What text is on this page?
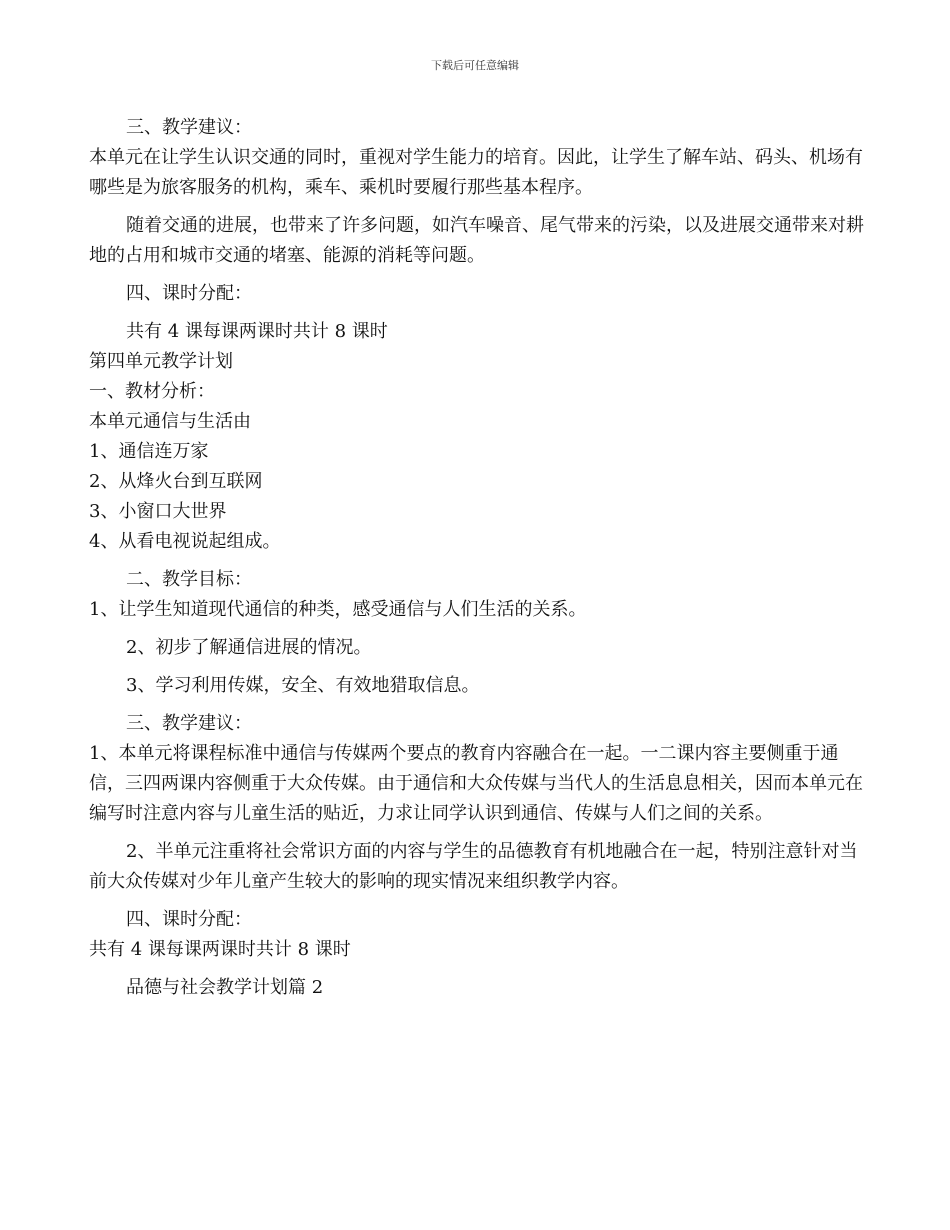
下载后可任意编辑

三、教学建议：

本单元在让学生认识交通的同时，重视对学生能力的培育。因此，让学生了解车站、码头、机场有哪些是为旅客服务的机构，乘车、乘机时要履行那些基本程序。

随着交通的进展，也带来了许多问题，如汽车噪音、尾气带来的污染，以及进展交通带来对耕地的占用和城市交通的堵塞、能源的消耗等问题。

四、课时分配：

共有 4 课每课两课时共计 8 课时

第四单元教学计划

一、教材分析：

本单元通信与生活由

1、通信连万家

2、从烽火台到互联网

3、小窗口大世界

4、从看电视说起组成。

二、教学目标：

1、让学生知道现代通信的种类，感受通信与人们生活的关系。

2、初步了解通信进展的情况。

3、学习利用传媒，安全、有效地猎取信息。

三、教学建议：

1、本单元将课程标准中通信与传媒两个要点的教育内容融合在一起。一二课内容主要侧重于通信，三四两课内容侧重于大众传媒。由于通信和大众传媒与当代人的生活息息相关，因而本单元在编写时注意内容与儿童生活的贴近，力求让同学认识到通信、传媒与人们之间的关系。

2、半单元注重将社会常识方面的内容与学生的品德教育有机地融合在一起，特别注意针对当前大众传媒对少年儿童产生较大的影响的现实情况来组织教学内容。

四、课时分配：

共有 4 课每课两课时共计 8 课时

品德与社会教学计划篇 2
